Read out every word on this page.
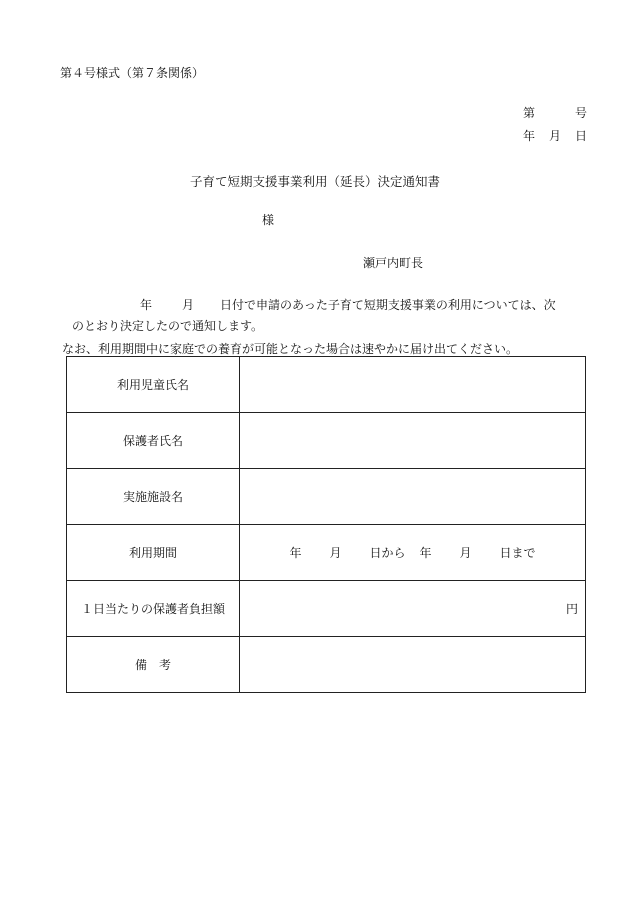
第４号様式（第７条関係）
第	号
年 月 日
子育て短期支援事業利用（延長）決定通知書
様
瀬戸内町長
年	月 日付で申請のあった子育て短期支援事業の利用については、次
のとおり決定したので通知します。
なお、利用期間中に家庭での養育が可能となった場合は速やかに届け出てください。
利用児童氏名	
保護者氏名	
実施施設名	
利用期間	年 月 日から 年 月 日まで
１日当たりの保護者負担額	円
備　考	
